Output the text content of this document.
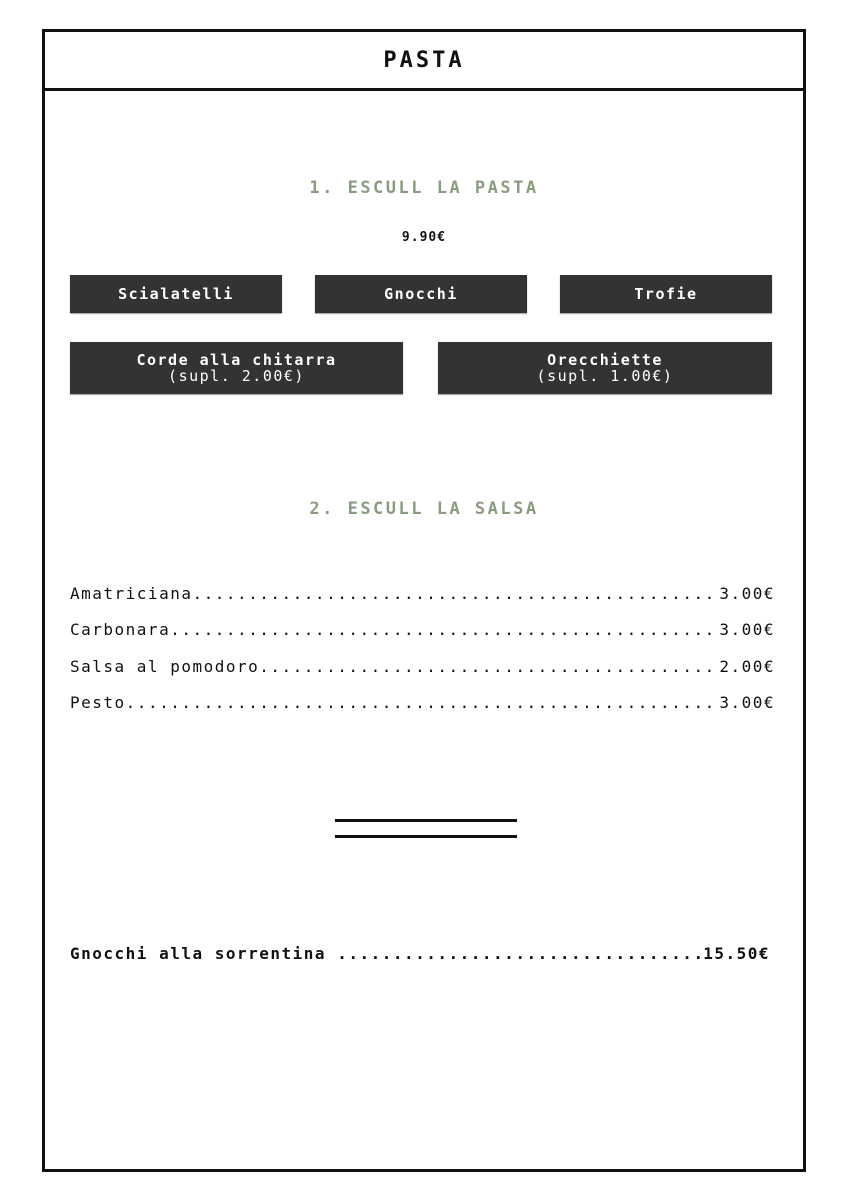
PASTA
1. ESCULL LA PASTA
9.90€
Scialatelli	Gnocchi	Trofie
Corde alla chitarra
(supl. 2.00€)
Orecchiette
(supl. 1.00€)
2. ESCULL LA SALSA
Amatriciana .....	3.00€
Carbonara .....	3.00€
Salsa al pomodoro .....	2.00€
Pesto .....	3.00€
Gnocchi alla sorrentina .....	15.50€
